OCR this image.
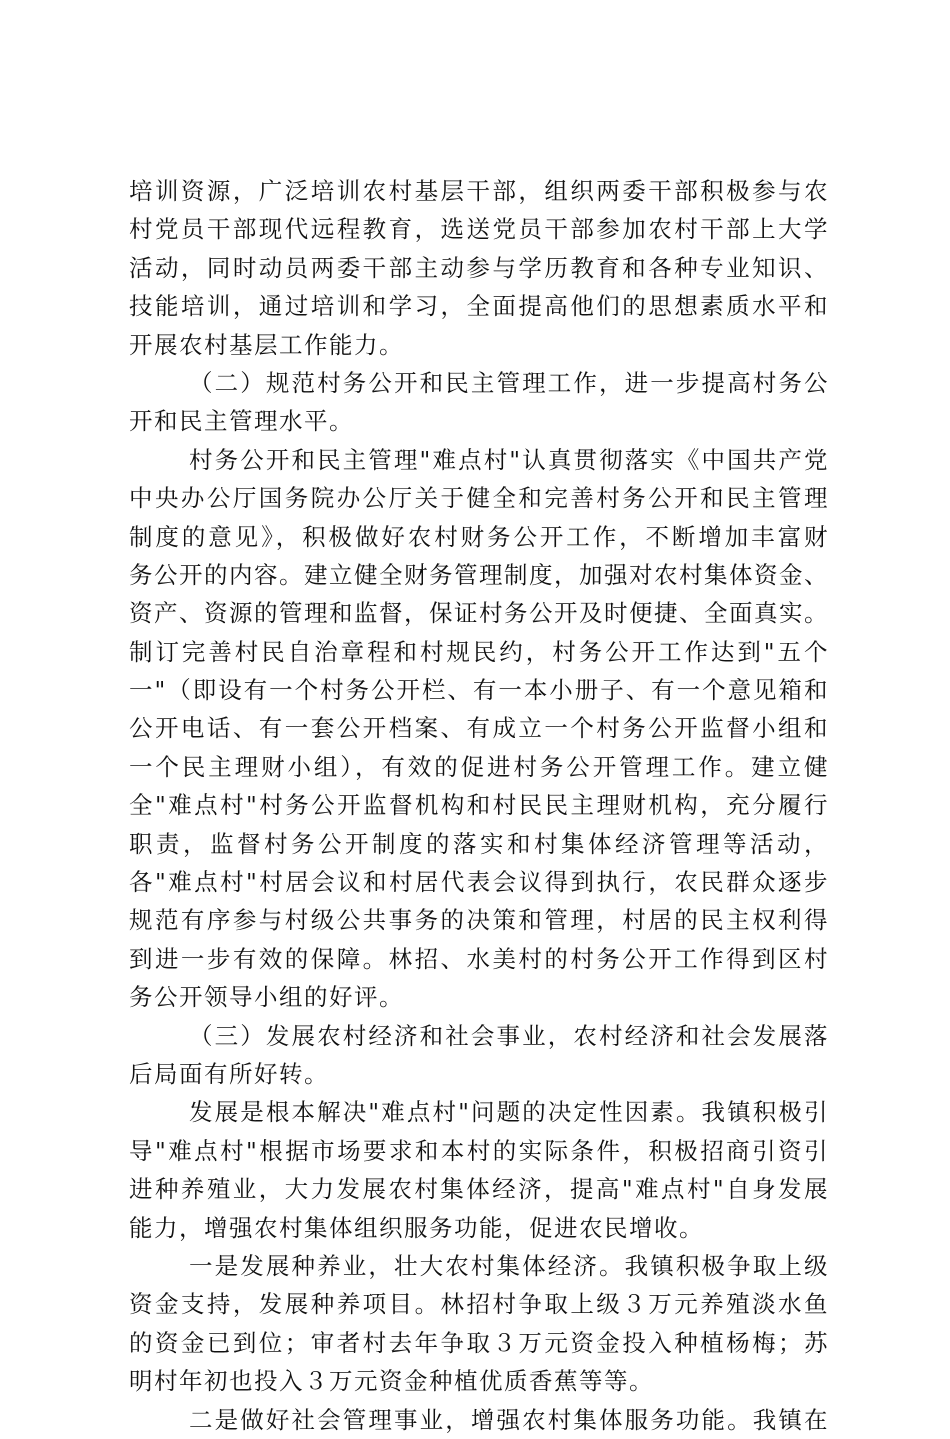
培训资源，广泛培训农村基层干部，组织两委干部积极参与农
村党员干部现代远程教育，选送党员干部参加农村干部上大学
活动，同时动员两委干部主动参与学历教育和各种专业知识、
技能培训，通过培训和学习，全面提高他们的思想素质水平和
开展农村基层工作能力。
（二）规范村务公开和民主管理工作，进一步提高村务公
开和民主管理水平。
村务公开和民主管理"难点村"认真贯彻落实《中国共产党
中央办公厅国务院办公厅关于健全和完善村务公开和民主管理
制度的意见》，积极做好农村财务公开工作，不断增加丰富财
务公开的内容。建立健全财务管理制度，加强对农村集体资金、
资产、资源的管理和监督，保证村务公开及时便捷、全面真实。
制订完善村民自治章程和村规民约，村务公开工作达到"五个
一"（即设有一个村务公开栏、有一本小册子、有一个意见箱和
公开电话、有一套公开档案、有成立一个村务公开监督小组和
一个民主理财小组），有效的促进村务公开管理工作。建立健
全"难点村"村务公开监督机构和村民民主理财机构，充分履行
职责，监督村务公开制度的落实和村集体经济管理等活动，
各"难点村"村居会议和村居代表会议得到执行，农民群众逐步
规范有序参与村级公共事务的决策和管理，村居的民主权利得
到进一步有效的保障。林招、水美村的村务公开工作得到区村
务公开领导小组的好评。
（三）发展农村经济和社会事业，农村经济和社会发展落
后局面有所好转。
发展是根本解决"难点村"问题的决定性因素。我镇积极引
导"难点村"根据市场要求和本村的实际条件，积极招商引资引
进种养殖业，大力发展农村集体经济，提高"难点村"自身发展
能力，增强农村集体组织服务功能，促进农民增收。
一是发展种养业，壮大农村集体经济。我镇积极争取上级
资金支持，发展种养项目。林招村争取上级３万元养殖淡水鱼
的资金已到位；审者村去年争取３万元资金投入种植杨梅；苏
明村年初也投入３万元资金种植优质香蕉等等。
二是做好社会管理事业，增强农村集体服务功能。我镇在
